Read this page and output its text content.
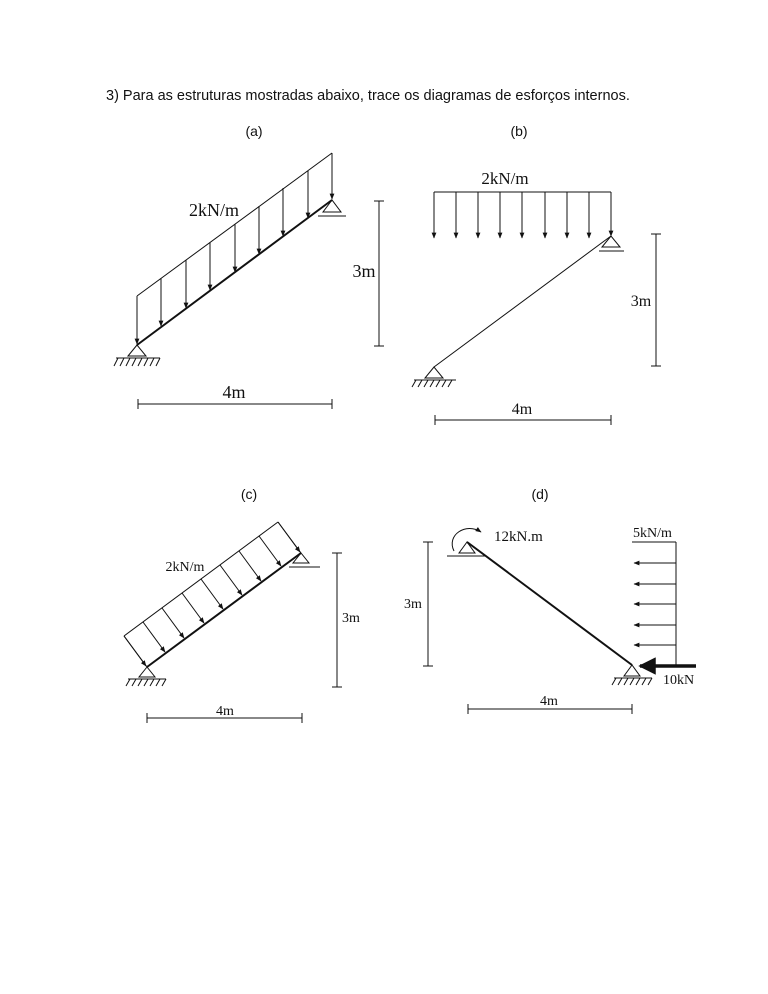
3) Para as estruturas mostradas abaixo, trace os diagramas de esforços internos.
(a)
2kN/m
3m
4m
(b)
2kN/m
3m
4m
(c)
2kN/m
3m
4m
(d)
12kN.m	5kN/m
10kN
3m
4m
